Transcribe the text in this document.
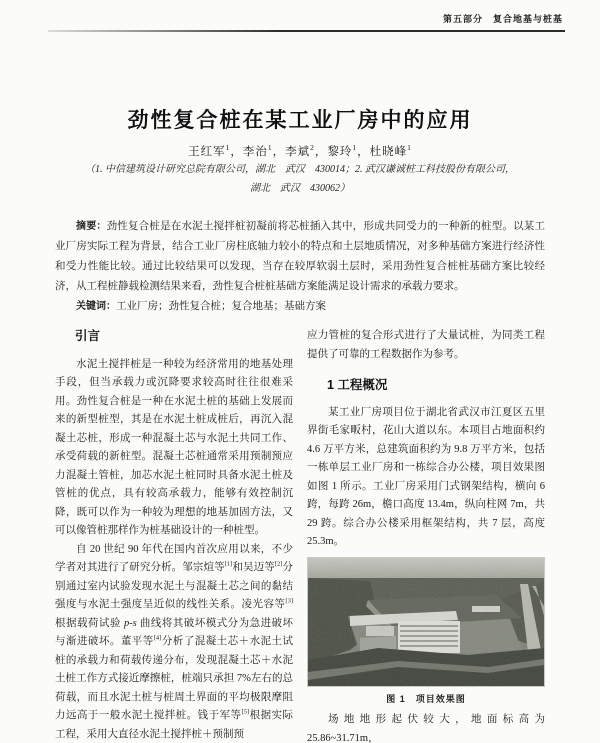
第五部分　复合地基与桩基
劲性复合桩在某工业厂房中的应用
王红军$^1$，李治$^1$，李斌$^2$，黎玲$^1$，杜晓峰$^1$
（1. 中信建筑设计研究总院有限公司，湖北　武汉　430014；2. 武汉谦诚桩工科技股份有限公司，
湖北　武汉　430062）

摘要：劲性复合桩是在水泥土搅拌桩初凝前将芯桩插入其中，形成共同受力的一种新的桩型。以某工业厂房实际工程为背景，结合工业厂房柱底轴力较小的特点和土层地质情况，对多种基础方案进行经济性和受力性能比较。通过比较结果可以发现，当存在较厚软弱土层时，采用劲性复合桩桩基础方案比较经济，从工程桩静载检测结果来看，劲性复合桩桩基础方案能满足设计需求的承载力要求。

关键词：工业厂房；劲性复合桩；复合地基；基础方案

引言

水泥土搅拌桩是一种较为经济常用的地基处理手段，但当承载力或沉降要求较高时往往很难采用。劲性复合桩是一种在水泥土桩的基础上发展而来的新型桩型，其是在水泥土桩成桩后，再沉入混凝土芯桩，形成一种混凝土芯与水泥土共同工作、承受荷载的新桩型。混凝土芯桩通常采用预制预应力混凝土管桩，加芯水泥土桩同时具备水泥土桩及管桩的优点，具有较高承载力，能够有效控制沉降，既可以作为一种较为理想的地基加固方法，又可以像管桩那样作为桩基础设计的一种桩型。

自 20 世纪 90 年代在国内首次应用以来，不少学者对其进行了研究分析。邹宗煊等[1]和吴迈等[2]分别通过室内试验发现水泥土与混凝土芯之间的黏结强度与水泥土强度呈近似的线性关系。凌光容等[3]根据载荷试验 p-s 曲线将其破坏模式分为急进破坏与渐进破坏。董平等[4]分析了混凝土芯＋水泥土试桩的承载力和荷载传递分布，发现混凝土芯＋水泥土桩工作方式接近摩擦桩，桩端只承担 7%左右的总荷载，而且水泥土桩与桩周土界面的平均极限摩阻力远高于一般水泥土搅拌桩。钱于军等[5]根据实际工程，采用大直径水泥土搅拌桩＋预制预

应力管桩的复合形式进行了大量试桩，为同类工程提供了可靠的工程数据作为参考。

1 工程概况

某工业厂房项目位于湖北省武汉市江夏区五里界街毛家畈村，花山大道以东。本项目占地面积约 4.6 万平方米，总建筑面积约为 9.8 万平方米，包括一栋单层工业厂房和一栋综合办公楼，项目效果图如图 1 所示。工业厂房采用门式钢架结构，横向 6 跨，每跨 26m，檐口高度 13.4m，纵向柱网 7m，共 29 跨。综合办公楼采用框架结构，共 7 层，高度 25.3m。

图 1　项目效果图

场地地形起伏较大，地面标高为 25.86~31.71m，
